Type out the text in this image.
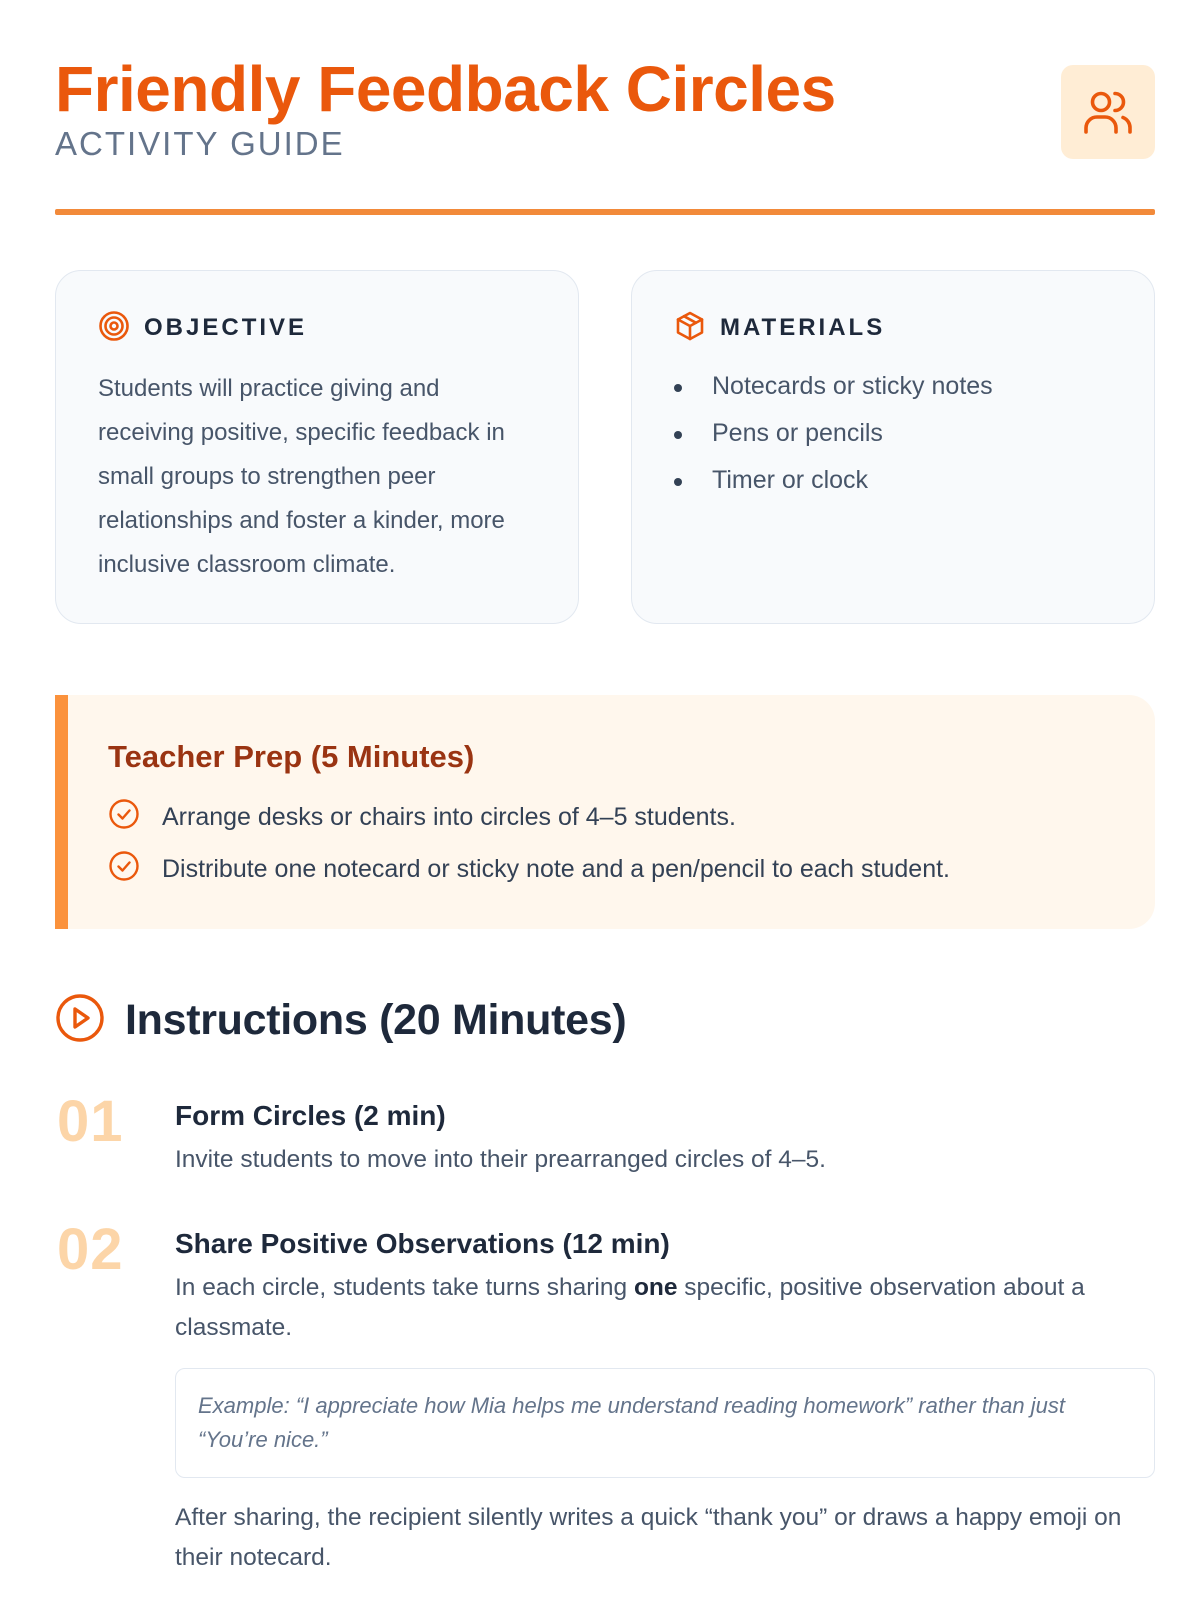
Friendly Feedback Circles
ACTIVITY GUIDE
OBJECTIVE
Students will practice giving and receiving positive, specific feedback in small groups to strengthen peer relationships and foster a kinder, more inclusive classroom climate.
MATERIALS
Notecards or sticky notes
Pens or pencils
Timer or clock
Teacher Prep (5 Minutes)
Arrange desks or chairs into circles of 4–5 students.
Distribute one notecard or sticky note and a pen/pencil to each student.
Instructions (20 Minutes)
01 Form Circles (2 min)
Invite students to move into their prearranged circles of 4–5.
02 Share Positive Observations (12 min)
In each circle, students take turns sharing one specific, positive observation about a classmate.
Example: “I appreciate how Mia helps me understand reading homework” rather than just “You’re nice.”
After sharing, the recipient silently writes a quick “thank you” or draws a happy emoji on their notecard.
